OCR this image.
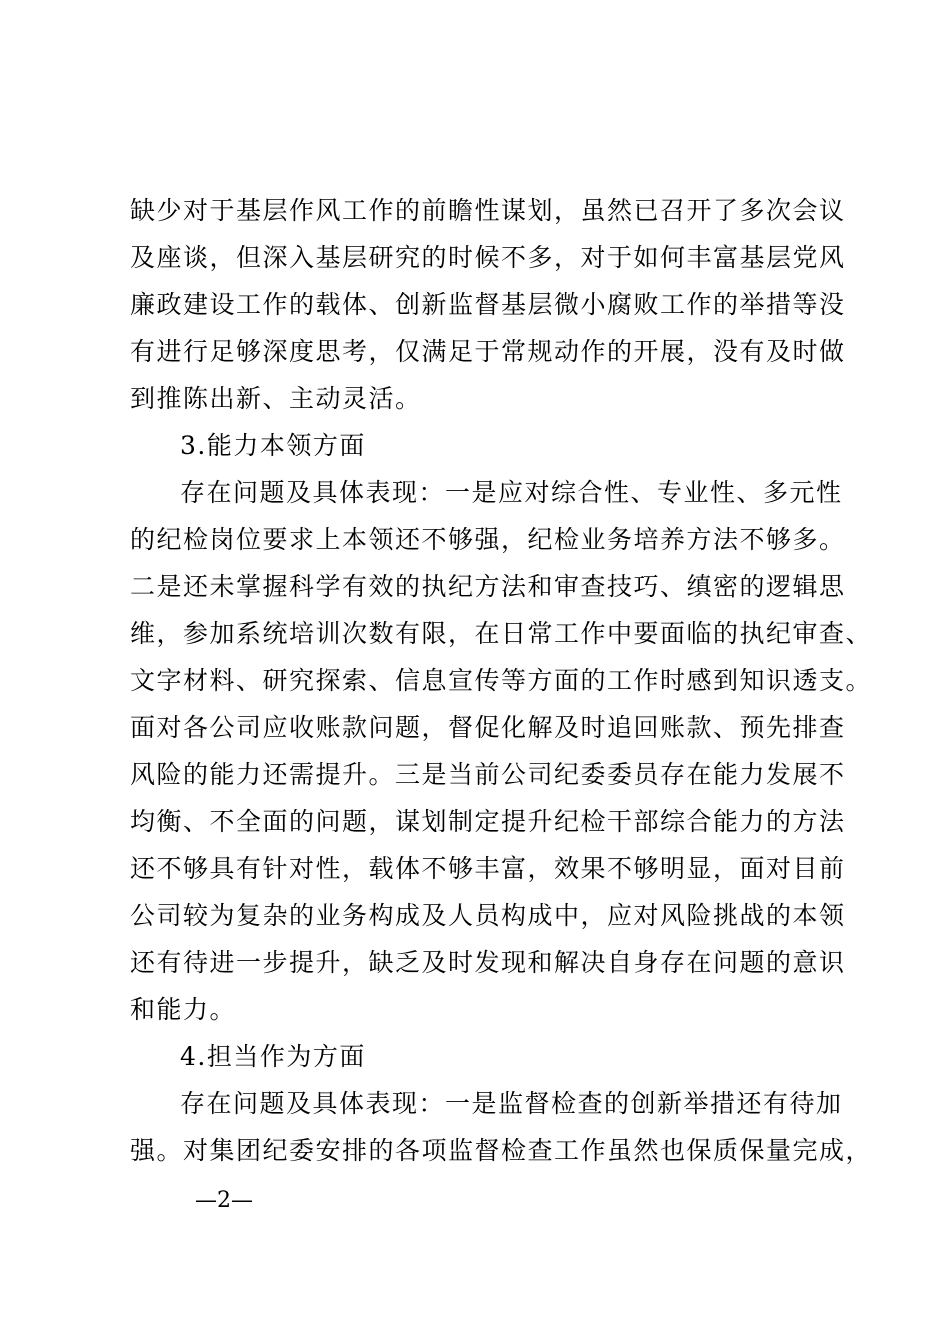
缺少对于基层作风工作的前瞻性谋划，虽然已召开了多次会议
及座谈，但深入基层研究的时候不多，对于如何丰富基层党风
廉政建设工作的载体、创新监督基层微小腐败工作的举措等没
有进行足够深度思考，仅满足于常规动作的开展，没有及时做
到推陈出新、主动灵活。
3.能力本领方面
存在问题及具体表现：一是应对综合性、专业性、多元性
的纪检岗位要求上本领还不够强，纪检业务培养方法不够多。
二是还未掌握科学有效的执纪方法和审查技巧、缜密的逻辑思
维，参加系统培训次数有限，在日常工作中要面临的执纪审查、
文字材料、研究探索、信息宣传等方面的工作时感到知识透支。
面对各公司应收账款问题，督促化解及时追回账款、预先排查
风险的能力还需提升。三是当前公司纪委委员存在能力发展不
均衡、不全面的问题，谋划制定提升纪检干部综合能力的方法
还不够具有针对性，载体不够丰富，效果不够明显，面对目前
公司较为复杂的业务构成及人员构成中，应对风险挑战的本领
还有待进一步提升，缺乏及时发现和解决自身存在问题的意识
和能力。
4.担当作为方面
存在问题及具体表现：一是监督检查的创新举措还有待加
强。对集团纪委安排的各项监督检查工作虽然也保质保量完成，
—2—
